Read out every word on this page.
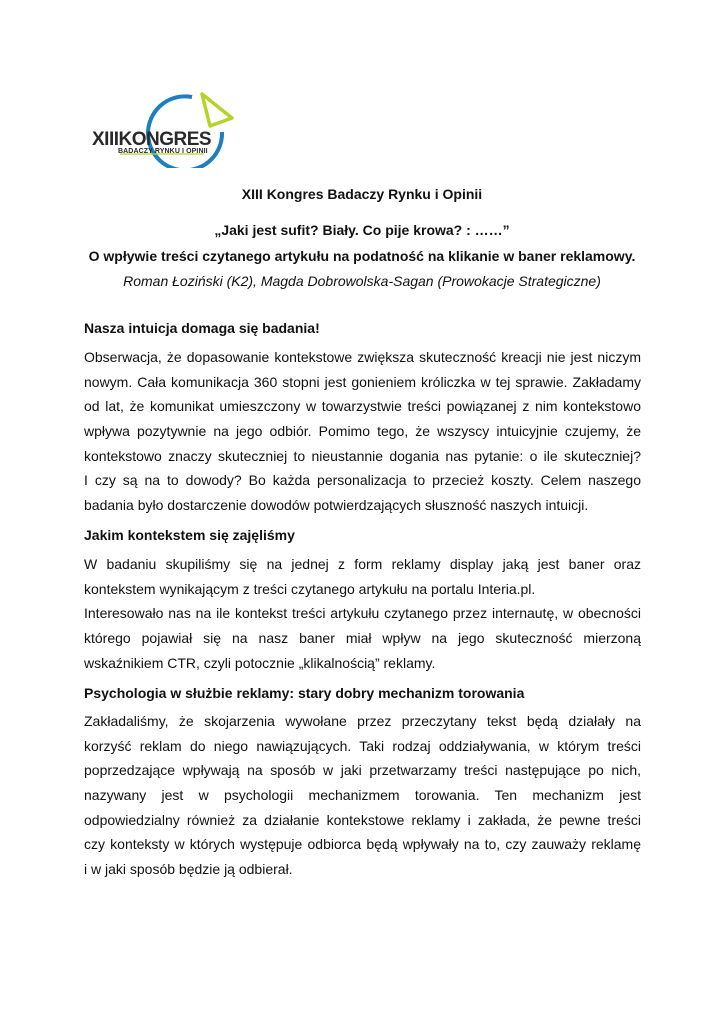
XIIIKONGRES
BADACZY RYNKU I OPINII
XIII Kongres Badaczy Rynku i Opinii
„Jaki jest sufit? Biały. Co pije krowa? : ……”
O wpływie treści czytanego artykułu na podatność na klikanie w baner reklamowy.
Roman Łoziński (K2), Magda Dobrowolska-Sagan (Prowokacje Strategiczne)
Nasza intuicja domaga się badania!
Obserwacja, że dopasowanie kontekstowe zwiększa skuteczność kreacji nie jest niczym
nowym. Cała komunikacja 360 stopni jest gonieniem króliczka w tej sprawie. Zakładamy
od lat, że komunikat umieszczony w towarzystwie treści powiązanej z nim kontekstowo
wpływa pozytywnie na jego odbiór. Pomimo tego, że wszyscy intuicyjnie czujemy, że
kontekstowo znaczy skuteczniej to nieustannie dogania nas pytanie: o ile skuteczniej?
I czy są na to dowody? Bo każda personalizacja to przecież koszty. Celem naszego
badania było dostarczenie dowodów potwierdzających słuszność naszych intuicji.
Jakim kontekstem się zajęliśmy
W badaniu skupiliśmy się na jednej z form reklamy display jaką jest baner oraz
kontekstem wynikającym z treści czytanego artykułu na portalu Interia.pl.
Interesowało nas na ile kontekst treści artykułu czytanego przez internautę, w obecności
którego pojawiał się na nasz baner miał wpływ na jego skuteczność mierzoną
wskaźnikiem CTR, czyli potocznie „klikalnością” reklamy.
Psychologia w służbie reklamy: stary dobry mechanizm torowania
Zakładaliśmy, że skojarzenia wywołane przez przeczytany tekst będą działały na
korzyść reklam do niego nawiązujących. Taki rodzaj oddziaływania, w którym treści
poprzedzające wpływają na sposób w jaki przetwarzamy treści następujące po nich,
nazywany jest w psychologii mechanizmem torowania. Ten mechanizm jest
odpowiedzialny również za działanie kontekstowe reklamy i zakłada, że pewne treści
czy konteksty w których występuje odbiorca będą wpływały na to, czy zauważy reklamę
i w jaki sposób będzie ją odbierał.
